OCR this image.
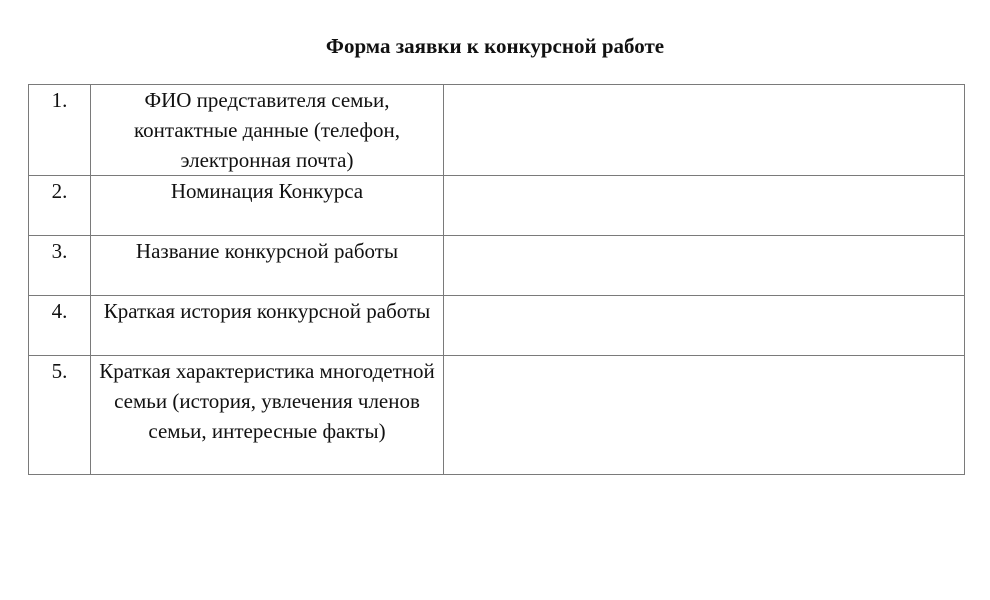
Форма заявки к конкурсной работе
1.	ФИО представителя семьи, контактные данные (телефон, электронная почта)	

2.	Номинация Конкурса	

3.	Название конкурсной работы	

4.	Краткая история конкурсной работы	

5.	Краткая характеристика многодетной семьи (история, увлечения членов семьи, интересные факты)	
